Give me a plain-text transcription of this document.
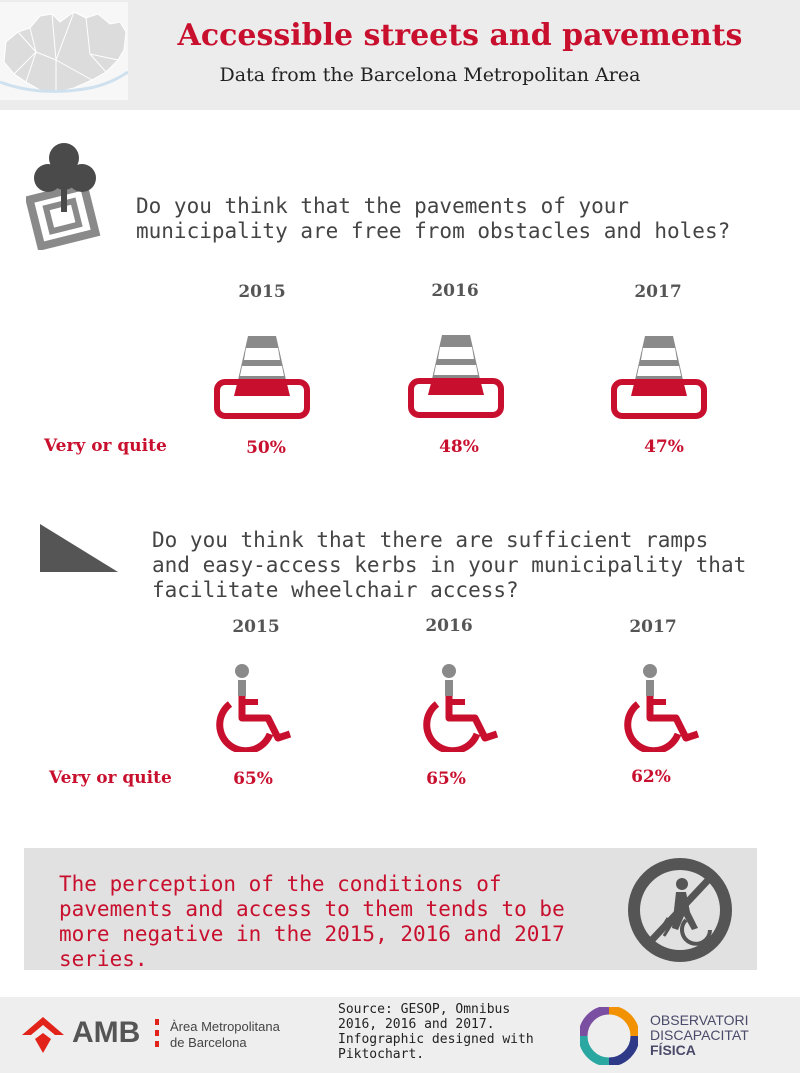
Accessible streets and pavements
Data from the Barcelona Metropolitan Area
Do you think that the pavements of your municipality are free from obstacles and holes?
2015	2016	2017
Very or quite	50%	48%	47%
Do you think that there are sufficient ramps and easy-access kerbs in your municipality that facilitate wheelchair access?
2015	2016	2017
Very or quite	65%	65%	62%
The perception of the conditions of pavements and access to them tends to be more negative in the 2015, 2016 and 2017 series.
AMB Àrea Metropolitana
de Barcelona
Source: GESOP, Omnibus 2016, 2016 and 2017. Infographic designed with Piktochart.
OBSERVATORI
DISCAPACITAT
FÍSICA
